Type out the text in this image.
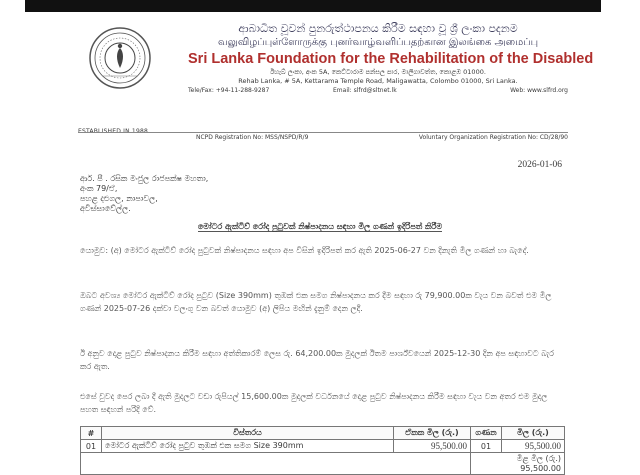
ESTABLISHED IN 1988
ආබාධිත වූවන් පුනරුත්ථාපනය කිරීම සඳහා වූ ශ්‍රී ලංකා පදනම
வலுவிழப்புள்ளோருக்கு புனர்வாழ்வளிப்பதற்கான இலங்கை அமைப்பு
Sri Lanka Foundation for the Rehabilitation of the Disabled
ඊහැබ් ලංකා, අංක 5A, කෙට්ටාරාම පන්සල පාර, මාලිගාවත්ත, කොළඹ 01000.
Rehab Lanka, # 5A, Kettarama Temple Road, Maligawatta, Colombo 01000, Sri Lanka.
Tele/Fax: +94-11-288-9287	Email: slfrd@sltnet.lk	Web: www.slfrd.org
NCPD Registration No: MSS/NSPD/R/9	Voluntary Organization Registration No: CD/28/90
2026-01-06
ආර්. පී . රසික මංජුල රාජපක්ෂ මහතා,
අංක 79/ඒ,
පහළ දළුගල, නාපාවල,
අවිස්සාවේල්ල.
මෝටර ඇක්ටිව් රෝද පුටුවක් නිෂ්පාදනය සඳහා මිල ගණන් ඉදිරිපත් කිරීම
යොමුව: (අ) මෝටර ඇක්ටිව් රෝද පුටුවක් නිෂ්පාදනය සඳහා අප විසින් ඉදිරිපත් කර ඇති 2025-06-27 වන දිනැති මිල ගණන් හා බැදේ.
ඔබට අවශ්‍ය මෝටර ඇක්ටිව් රෝද පුටුව (Size 390mm) තුඹක් එක සමග නිෂ්පාදනය කර දීම සඳහා රු 79,900.00ක වැය වන බවත් එම මිල ගණන් 2025-07-26 දක්වා වලංගු වන බවත් යොමුව (අ) ලිපිය මඟින් දැනුම් දෙන ලදී.
ඊ අනුව දෙළ පුටුව නිෂ්පාදනය කිරීම සඳහා අත්තිකාරම් ලෙස රු. 64,200.00ක මුදලක් ඊතම පාර්ශ්වයෙන් 2025-12-30 දින අප සඳහාවට බැර කර ඇත.
එසේ වුවද පෙර ලබා දී ඇති මුදලට වඩා රුපියල් 15,600.00ක මුදලක් වර්ධනයේ දෙළ පුටුව නිෂ්පාදනය කිරීම සඳහා වැය වන අතර එම මුදල පහත සඳහන් පරිදි වේ.
#	විස්තරය	ඒකක මිල (රු.)	ගණන	මිල (රු.)
01	මෝටර ඇක්ටිව් රෝද පුටුව තුඹක් එක සමග Size 390mm	95,500.00	01	95,500.00
			මිළ මිල (රු.) 95,500.00	
